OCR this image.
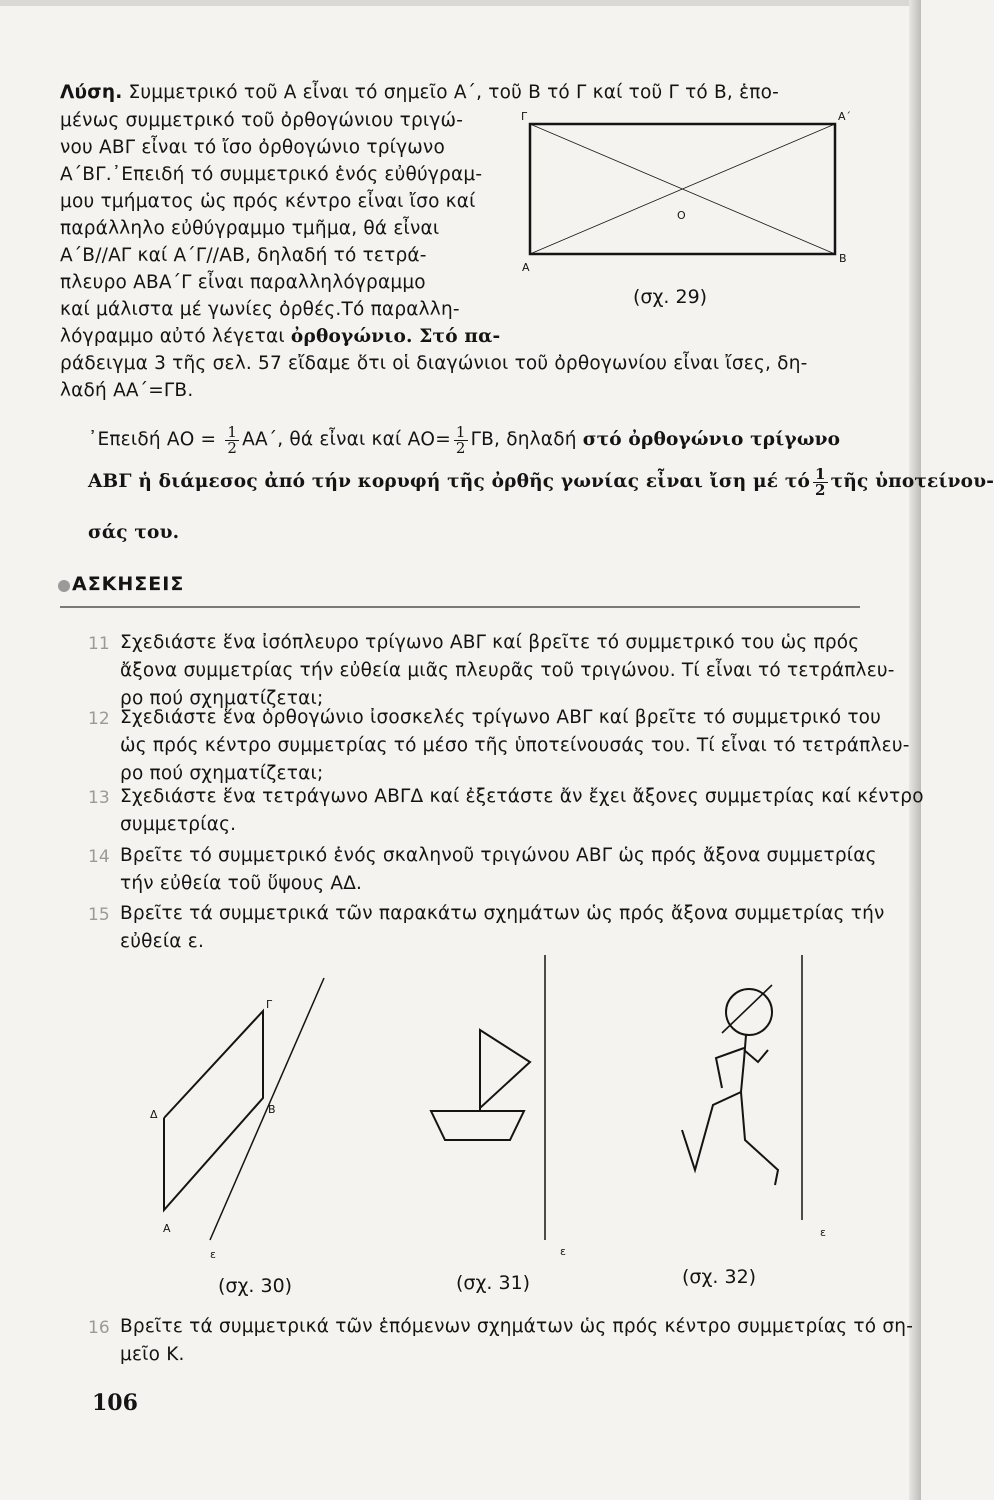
Λύση. Συμμετρικό τοῦ Α εἶναι τό σημεῖο Α΄, τοῦ Β τό Γ καί τοῦ Γ τό Β, ἑπο-
μένως συμμετρικό τοῦ ὀρθογώνιου τριγώ-
νου ΑΒΓ εἶναι τό ἴσο ὀρθογώνιο τρίγωνο
Α΄ΒΓ.᾿Επειδή τό συμμετρικό ἑνός εὐθύγραμ-
μου τμήματος ὡς πρός κέντρο εἶναι ἴσο καί
παράλληλο εὐθύγραμμο τμῆμα, θά εἶναι
Α΄Β//ΑΓ καί Α΄Γ//ΑΒ, δηλαδή τό τετρά-
πλευρο ΑΒΑ΄Γ εἶναι παραλληλόγραμμο
καί μάλιστα μέ γωνίες ὀρθές.Τό παραλλη-
λόγραμμο αὐτό λέγεται ὀρθογώνιο. Στό πα-
ράδειγμα 3 τῆς σελ. 57 εἴδαμε ὅτι οἱ διαγώνιοι τοῦ ὀρθογωνίου εἶναι ἴσες, δη-
λαδή ΑΑ΄=ΓΒ.
᾿Επειδή $AO = \frac{1}{2} AA΄$, θά εἶναι καί $AO= \frac{1}{2} \Gamma B$, δηλαδή στό ὀρθογώνιο τρίγωνο
ΑΒΓ ἡ διάμεσος ἀπό τήν κορυφή τῆς ὀρθῆς γωνίας εἶναι ἴση μέ τό $\frac{1}{2}$ τῆς ὑποτείνου-
σάς του.
ΑΣΚΗΣΕΙΣ
11 Σχεδιάστε ἕνα ἰσόπλευρο τρίγωνο ΑΒΓ καί βρεῖτε τό συμμετρικό του ὡς πρός
ἄξονα συμμετρίας τήν εὐθεία μιᾶς πλευρᾶς τοῦ τριγώνου. Τί εἶναι τό τετράπλευ-
ρο πού σχηματίζεται;
12 Σχεδιάστε ἕνα ὀρθογώνιο ἰσοσκελές τρίγωνο ΑΒΓ καί βρεῖτε τό συμμετρικό του
ὡς πρός κέντρο συμμετρίας τό μέσο τῆς ὑποτείνουσάς του. Τί εἶναι τό τετράπλευ-
ρο πού σχηματίζεται;
13 Σχεδιάστε ἕνα τετράγωνο ΑΒΓΔ καί ἐξετάστε ἄν ἔχει ἄξονες συμμετρίας καί κέντρο
συμμετρίας.
14 Βρεῖτε τό συμμετρικό ἑνός σκαληνοῦ τριγώνου ΑΒΓ ὡς πρός ἄξονα συμμετρίας
τήν εὐθεία τοῦ ὕψους ΑΔ.
15 Βρεῖτε τά συμμετρικά τῶν παρακάτω σχημάτων ὡς πρός ἄξονα συμμετρίας τήν
εὐθεία ε.
16 Βρεῖτε τά συμμετρικά τῶν ἑπόμενων σχημάτων ὡς πρός κέντρο συμμετρίας τό ση-
μεῖο Κ.
(σχ. 29)
(σχ. 30)	(σχ. 31)	(σχ. 32)
106
Γ	Α΄
Ο
Α
Β
Γ
Δ	Β
Α
ε	ε
ε
